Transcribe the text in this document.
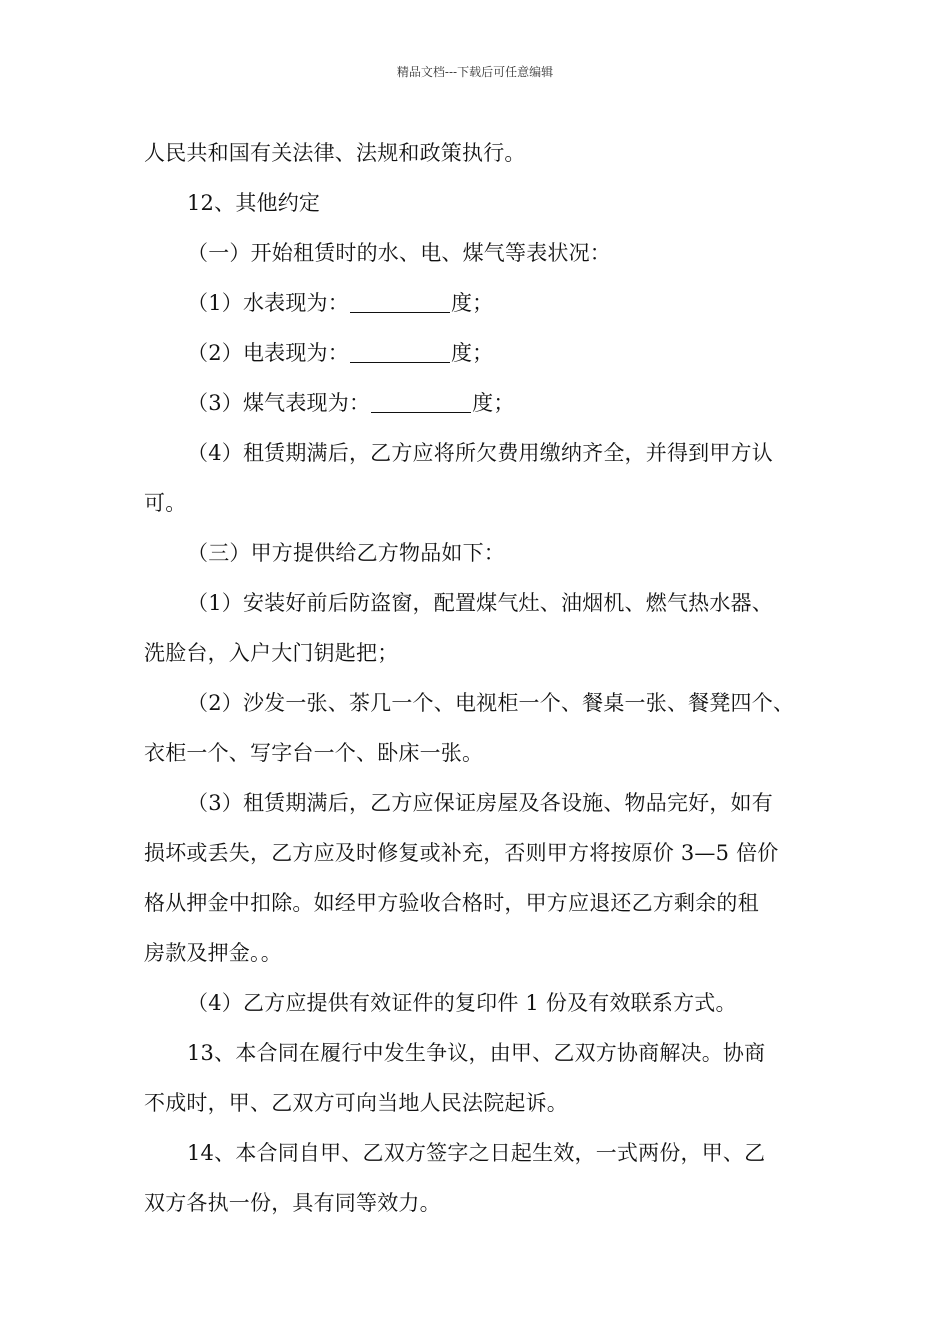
精品文档---下载后可任意编辑

人民共和国有关法律、法规和政策执行。

12、其他约定

（一）开始租赁时的水、电、煤气等表状况：

（1）水表现为：	度；

（2）电表现为：	度；

（3）煤气表现为：	度；

（4）租赁期满后，乙方应将所欠费用缴纳齐全，并得到甲方认

可。

（三）甲方提供给乙方物品如下：

（1）安装好前后防盗窗，配置煤气灶、油烟机、燃气热水器、

洗脸台，入户大门钥匙把；

（2）沙发一张、茶几一个、电视柜一个、餐桌一张、餐凳四个、

衣柜一个、写字台一个、卧床一张。

（3）租赁期满后，乙方应保证房屋及各设施、物品完好，如有

损坏或丢失，乙方应及时修复或补充，否则甲方将按原价 3—5 倍价

格从押金中扣除。如经甲方验收合格时，甲方应退还乙方剩余的租

房款及押金。。

（4）乙方应提供有效证件的复印件 1 份及有效联系方式。

13、本合同在履行中发生争议，由甲、乙双方协商解决。协商

不成时，甲、乙双方可向当地人民法院起诉。

14、本合同自甲、乙双方签字之日起生效，一式两份，甲、乙

双方各执一份，具有同等效力。
